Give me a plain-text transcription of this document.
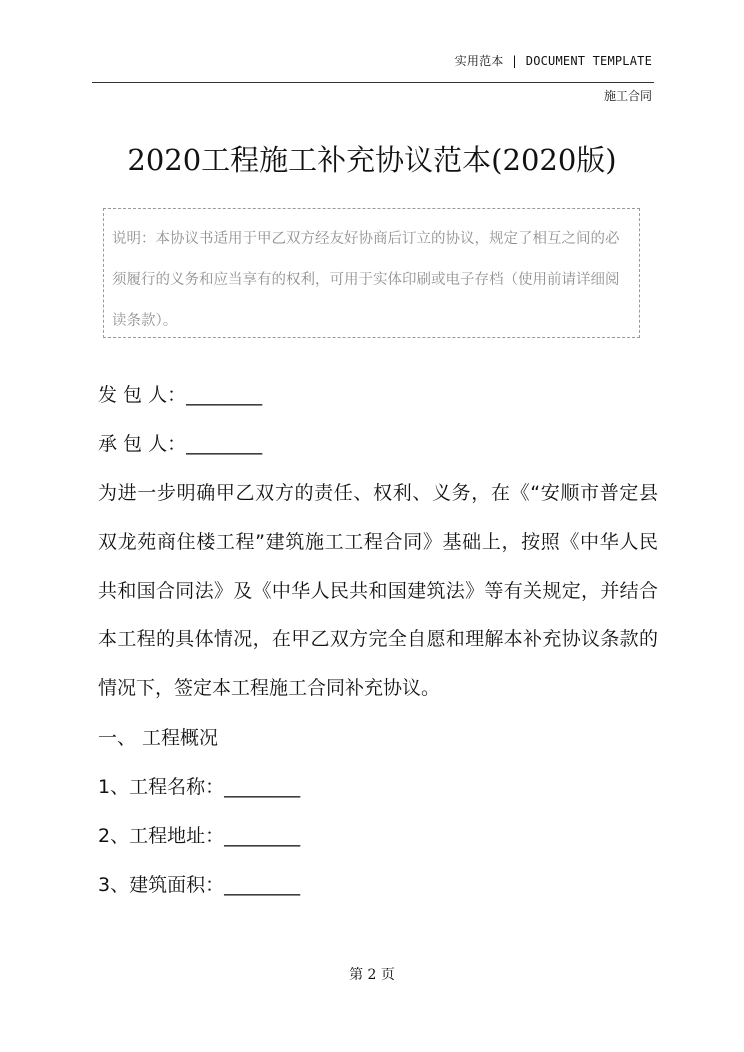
实用范本 | DOCUMENT TEMPLATE
施工合同
2020工程施工补充协议范本(2020版)

说明：本协议书适用于甲乙双方经友好协商后订立的协议，规定了相互之间的必须履行的义务和应当享有的权利，可用于实体印刷或电子存档（使用前请详细阅读条款）。

发 包 人：________

承 包 人：________

为进一步明确甲乙双方的责任、权利、义务，在《“安顺市普定县双龙苑商住楼工程”建筑施工工程合同》基础上，按照《中华人民共和国合同法》及《中华人民共和国建筑法》等有关规定，并结合本工程的具体情况，在甲乙双方完全自愿和理解本补充协议条款的情况下，签定本工程施工合同补充协议。

一、 工程概况

1、工程名称：________

2、工程地址：________

3、建筑面积：________

第 2 页
